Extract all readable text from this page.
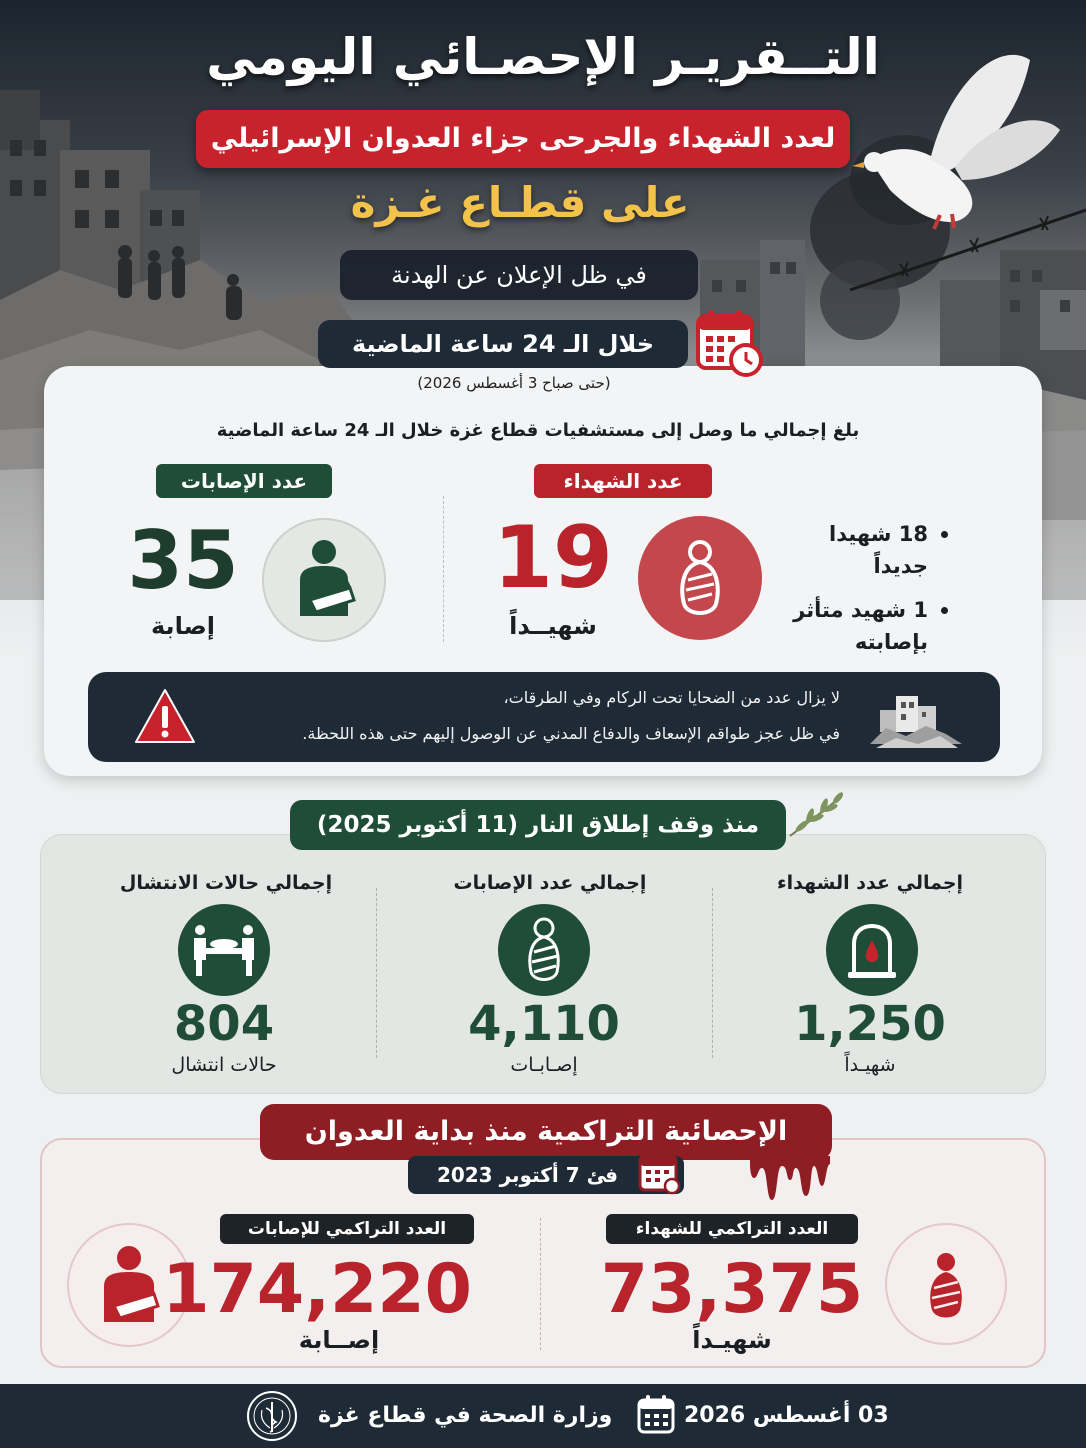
التــقريـر الإحصـائي اليومي
لعدد الشهداء والجرحى جزاء العدوان الإسرائيلي
على قطـاع غـزة
في ظل الإعلان عن الهدنة
خلال الـ 24 ساعة الماضية
(حتى صباح 3 أغسطس 2026)
بلغ إجمالي ما وصل إلى مستشفيات قطاع غزة خلال الـ 24 ساعة الماضية
عدد الشهداء
18 شهيدا جديداً
1 شهيد متأثر بإصابته
19
شهيــداً
عدد الإصابات
35
إصابة
لا يزال عدد من الضحايا تحت الركام وفي الطرقات،
في ظل عجز طواقم الإسعاف والدفاع المدني عن الوصول إليهم حتى هذه اللحظة.
منذ وقف إطلاق النار (11 أكتوبر 2025)
إجمالي عدد الشهداء
إجمالي عدد الإصابات
إجمالي حالات الانتشال
1,250
4,110
804
شهيـداً
إصـابـات
حالات انتشال
الإحصائية التراكمية منذ بداية العدوان
فئ 7 أكتوبر 2023
العدد التراكمي للشهداء
73,375
شهيـداً
العدد التراكمي للإصابات
174,220
إصــابة
03 أغسطس 2026
وزارة الصحة في قطاع غزة
